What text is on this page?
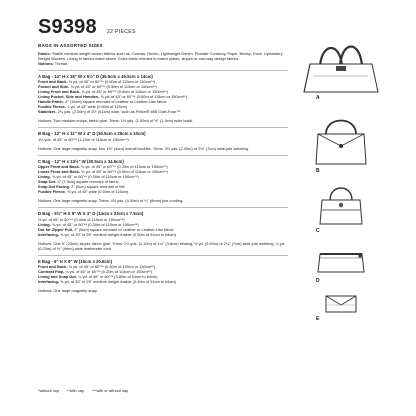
S9398 22 PIECES
BAGS IN ASSORTED SIZES
Fabric: Stable medium weight woven fabrics such as: Canvas, Denim, Lightweight Denim, Pinwale Corduroy, Pique, Burlap, Duck, Upholstery Weight Wovens. Lining in fabrics listed above. Extra fabric needed to match plaids, stripes or one-way design fabrics.
Notions: Thread.
A Bag - 14" H x 18" W x 5½" D (35.6cm x 45.5cm x 14cm)
Front and Back- ⅝ yd. of 45" or 60"** (0.60m of 115cm or 150cm**)
Pocket and Side- ⅞ yd. of 45" or 60"** (0.50m of 115cm or 150cm**)
Lining Front and Back- ⅝ yd. of 45" or 60"** (0.60m of 115cm or 150cm**)
Lining Pocket, Side and Handles- ⅝ yd. of 45" or 60"** (0.80m of 115cm or 150cm**)
Handle Patch- 4" (10cm) square remnant of Leather or Leather-Like fabric
Fusible Fleece- 1 yd. of 45" wide (0.90m of 115cm)
Stabilizer- 2¼ yds. (2.00m) of 20" (51cm) wide, such as Pellon® 808 Craft-Fuse™
Notions: Two medium snaps, fabric glue. Trims: 1⅛ yds. (1.00m) of ½" (1.3cm) wide braid.
B Bag - 12" H x 11" W x 4" D (30.5cm x 28cm x 10cm)
1⅛ yds. of 45" or 60"** (1.10m of 115cm or 150cm**)
Notions: One large magnetic snap, two 1⅝" (4cm) overall buckles. Trims: 2⅛ yds. (2.00m) of 2⅛" (7cm) wide jute webbing.
C Bag - 12" H x 13½" W (30.5cm x 34.5cm)
Upper Front and Back- ⅜ yd. of 45" or 60"** (0.30m of 115cm or 150cm**)
Lower Front and Back- ⅝ yd. of 45" or 60"** (0.50m of 115cm or 150cm**)
Lining- ⅝ yd. of 45" or 60"** (0.50m of 115cm or 150cm**)
Snap Dot- 3" (7.5cm) square remnant of fabric
Snap Dot Facing- 2" (5cm) square remnant of felt
Fusible Fleece- ⅝ yd. of 45" wide (0.50m of 115cm)
Notions: One large magnetic snap. Trims: 4¾ yds. (4.00m) of ¼" (6mm) jute cording.
D Bag - 5½" H X 9" W X 3" D (14cm x 23cm x 7.5cm)
½ yd. of 45" or 60"** (0.40m of 115cm or 150cm**)
Lining- ⅜ yd. of 45" or 60"** (0.30m of 115cm or 150cm**)
Dot for Zipper Pull- 2" (5cm) square remnant of Leather or Leather-Like fabric
Interfacing- ⅝ yd. of 20" to 25" medium weight fusible (0.50m of 51cm to 64cm)
Notions: One 9" (23cm) zipper, fabric glue. Trims: 1¼ yds. (1.10m) of 1⅛" (3.8cm) binding, ½ yd. (0.50m) of 2⅛" (7cm) wide jute webbing, ¼ yd. (0.20m) of ⅜" (9mm) wide leatherette cord.
E Bag - 6" H X 8" W (15cm x 20.5cm)
Front and Back- ⅜ yd. of 45" or 60"** (0.30m of 115cm or 150cm**)
Contrast Flap- ¼ yd. of 45" or 60"** (0.20m of 115cm or 150cm**)
Lining and Snap Dot- ¼ yd. of 45" or 60"** (0.50m of 51cm to 64cm)
Interfacing- ⅝ yd. of 20" to 25" medium weight fusible (0.40m of 51cm to 64cm)
Notions: One large magnetic snap.
*without nap **with nap ***with or without nap
A
B
C
D
E
